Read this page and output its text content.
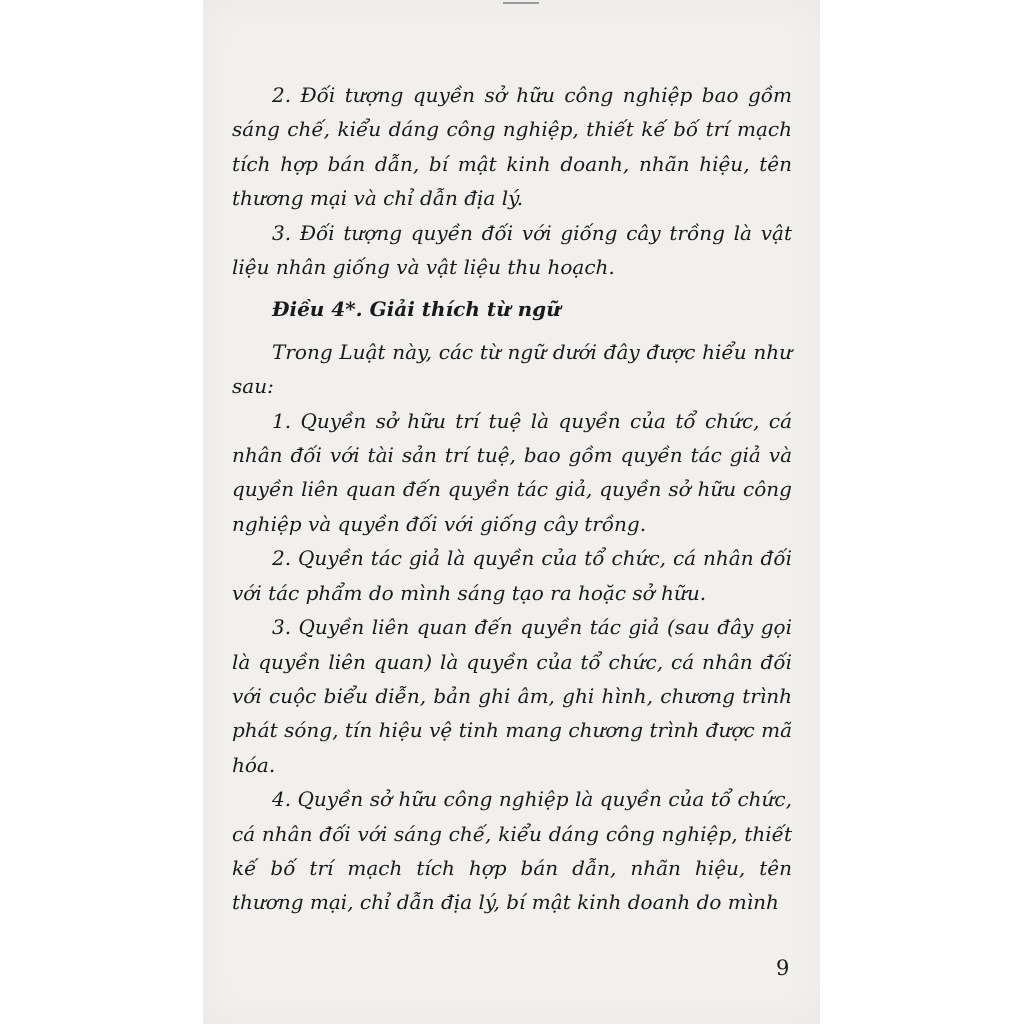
2. Đối tượng quyền sở hữu công nghiệp bao gồm sáng chế, kiểu dáng công nghiệp, thiết kế bố trí mạch tích hợp bán dẫn, bí mật kinh doanh, nhãn hiệu, tên thương mại và chỉ dẫn địa lý.

3. Đối tượng quyền đối với giống cây trồng là vật liệu nhân giống và vật liệu thu hoạch.

Điều 4*. Giải thích từ ngữ

Trong Luật này, các từ ngữ dưới đây được hiểu như sau:

1. Quyền sở hữu trí tuệ là quyền của tổ chức, cá nhân đối với tài sản trí tuệ, bao gồm quyền tác giả và quyền liên quan đến quyền tác giả, quyền sở hữu công nghiệp và quyền đối với giống cây trồng.

2. Quyền tác giả là quyền của tổ chức, cá nhân đối với tác phẩm do mình sáng tạo ra hoặc sở hữu.

3. Quyền liên quan đến quyền tác giả (sau đây gọi là quyền liên quan) là quyền của tổ chức, cá nhân đối với cuộc biểu diễn, bản ghi âm, ghi hình, chương trình phát sóng, tín hiệu vệ tinh mang chương trình được mã hóa.

4. Quyền sở hữu công nghiệp là quyền của tổ chức, cá nhân đối với sáng chế, kiểu dáng công nghiệp, thiết kế bố trí mạch tích hợp bán dẫn, nhãn hiệu, tên thương mại, chỉ dẫn địa lý, bí mật kinh doanh do mình

9
